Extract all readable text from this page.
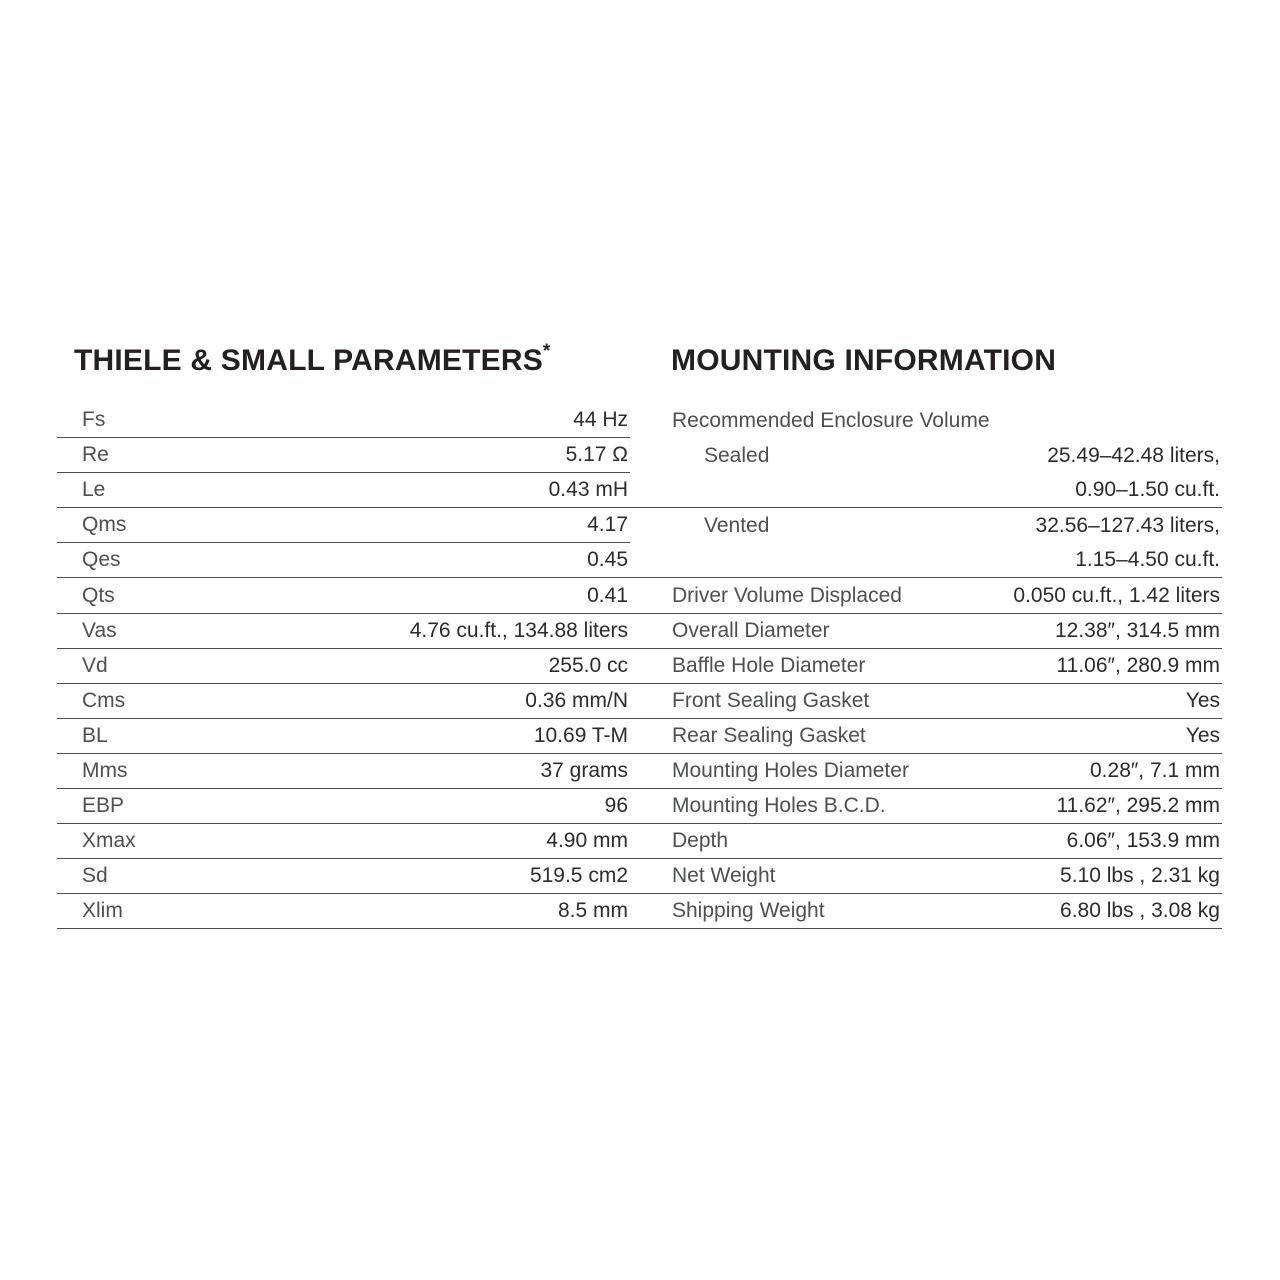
THIELE & SMALL PARAMETERS*	MOUNTING INFORMATION
Fs	44 Hz	Recommended Enclosure Volume
Re	5.17 Ω	Sealed	25.49–42.48 liters,
Le	0.43 mH	0.90–1.50 cu.ft.
Qms	4.17	Vented	32.56–127.43 liters,
Qes	0.45	1.15–4.50 cu.ft.
Qts	0.41	Driver Volume Displaced	0.050 cu.ft., 1.42 liters
Vas	4.76 cu.ft., 134.88 liters	Overall Diameter	12.38″, 314.5 mm
Vd	255.0 cc	Baffle Hole Diameter	11.06″, 280.9 mm
Cms	0.36 mm/N	Front Sealing Gasket	Yes
BL	10.69 T-M	Rear Sealing Gasket	Yes
Mms	37 grams	Mounting Holes Diameter	0.28″, 7.1 mm
EBP	96	Mounting Holes B.C.D.	11.62″, 295.2 mm
Xmax	4.90 mm	Depth	6.06″, 153.9 mm
Sd	519.5 cm2	Net Weight	5.10 lbs , 2.31 kg
Xlim	8.5 mm	Shipping Weight	6.80 lbs , 3.08 kg
